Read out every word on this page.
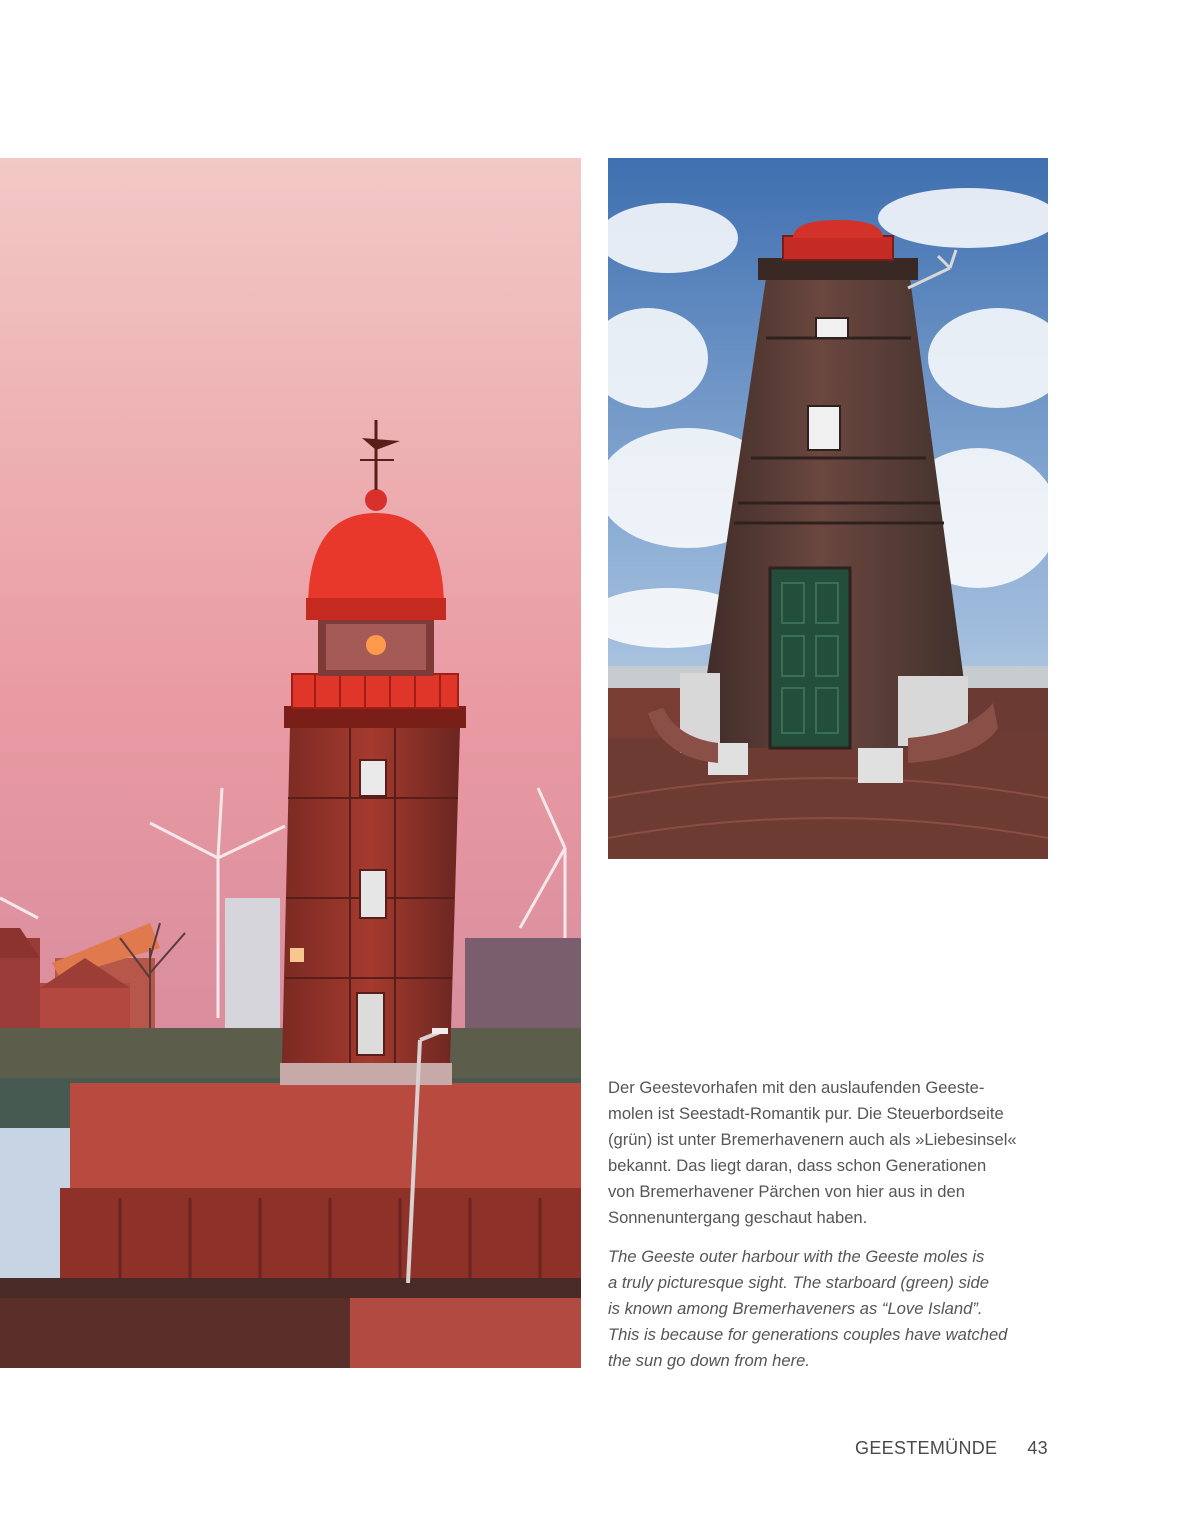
Der Geestevorhafen mit den auslaufenden Geeste-

molen ist Seestadt-Romantik pur. Die Steuerbordseite

(grün) ist unter Bremerhavenern auch als »Liebesinsel«

bekannt. Das liegt daran, dass schon Generationen

von Bremerhavener Pärchen von hier aus in den

Sonnenuntergang geschaut haben.

The Geeste outer harbour with the Geeste moles is

a truly picturesque sight. The starboard (green) side

is known among Bremerhaveners as “Love Island”.

This is because for generations couples have watched

the sun go down from here.

GEESTEMÜNDE 43
